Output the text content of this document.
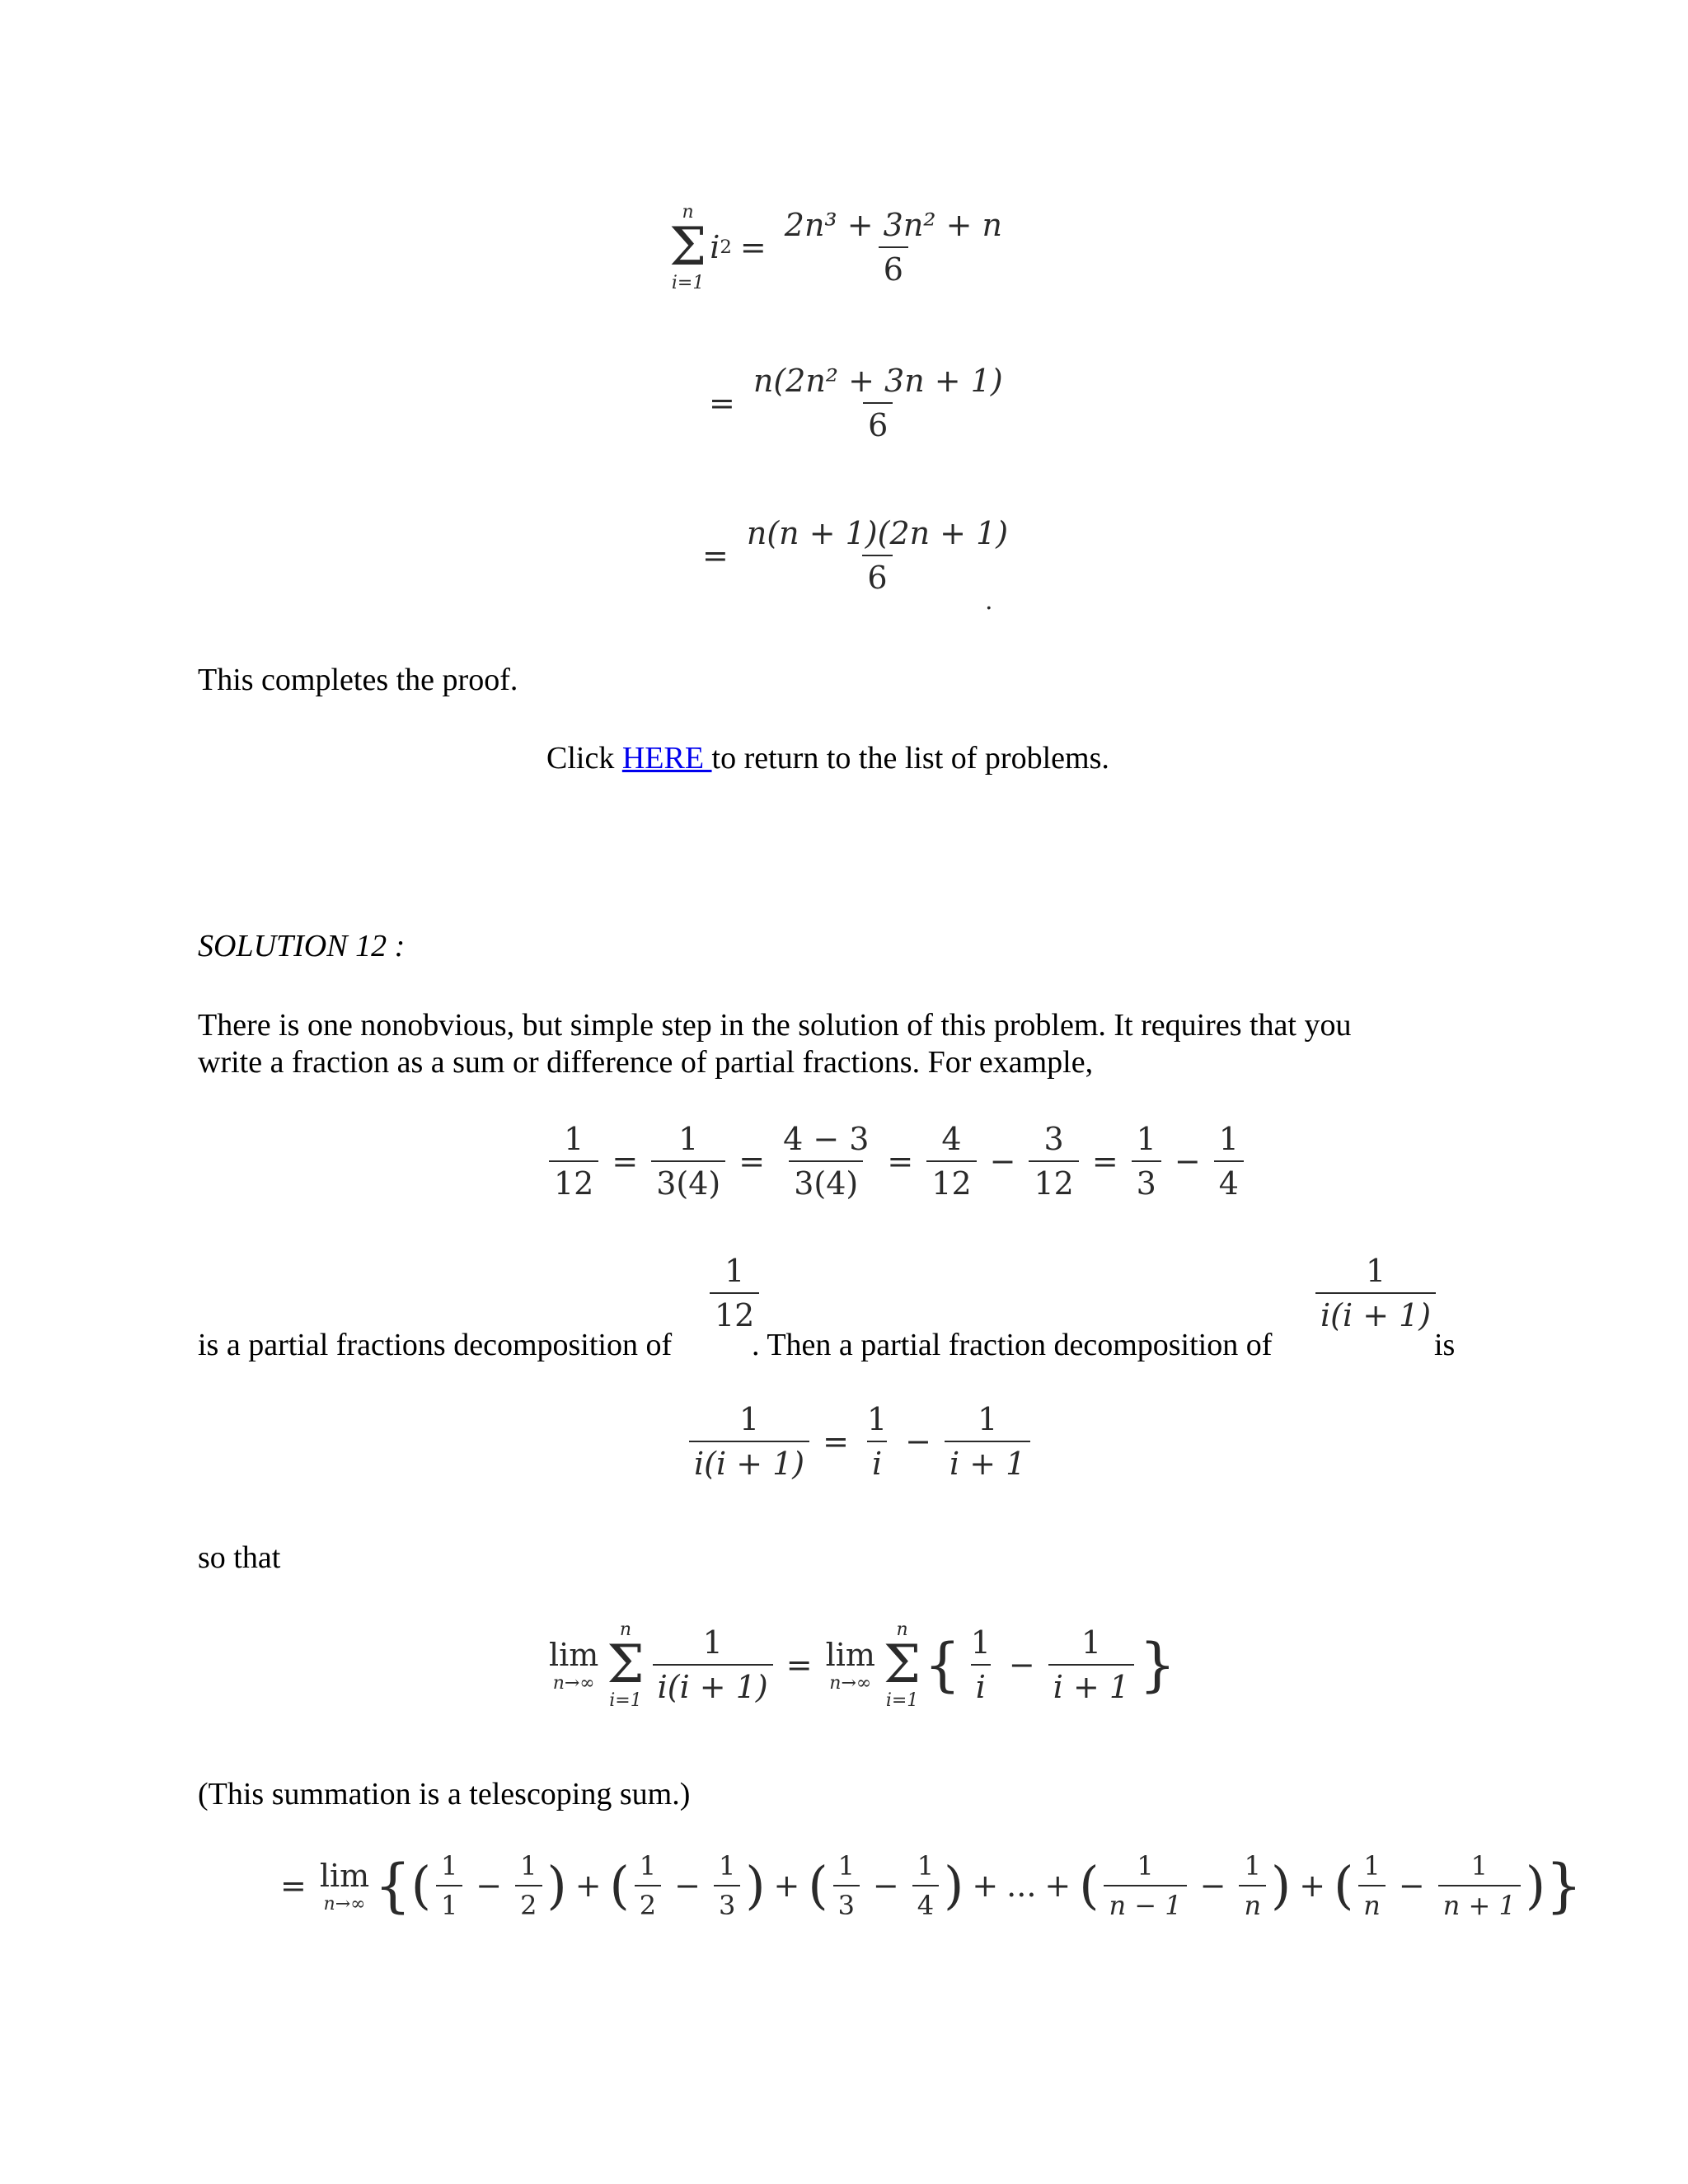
n
Σ
i=1
i $2 = \frac{\text{2n³ + 3n² + n}}{6}$
= $\frac{\text{n(2n² + 3n + 1)}}{6}$
= $\frac{n(n + 1)(2n + 1)}{6}$
.
This completes the proof.
Click HERE to return to the list of problems.
SOLUTION 12 :
There is one nonobvious, but simple step in the solution of this problem. It requires that you
write a fraction as a sum or difference of partial fractions. For example,
$\frac{1}{12} = \frac{1}{3(4)} = \frac{4 - 3}{3(4)} = \frac{4}{12} - \frac{3}{12} = \frac{1}{3} - \frac{1}{4}$
is a partial fractions decomposition of
$\frac{1}{12}$
. Then a partial fraction decomposition of
$\frac{1}{i(i + 1)}$
is
$\frac{1}{i(i + 1)} = \frac{1}{i} - \frac{1}{i + 1}$
so that
lim
n→∞
n
Σ
$i=1 \frac{1}{i(i + 1)} = \lim$
n→∞
n
Σ
i=1
{ $\frac{1}{i} - \frac{1}{i + 1}$ }
(This summation is a telescoping sum.)
= lim
n→∞ { ( $\frac{1}{1} - \frac{1}{2}$ ) + ( $\frac{1}{2} - \frac{1}{3}$ ) + ( $\frac{1}{3} - \frac{1}{4}$ ) + ... + ( $\frac{1}{n - 1} - \frac{1}{n}$ ) + ( $\frac{1}{n} - \frac{1}{n + 1}$ ) }
